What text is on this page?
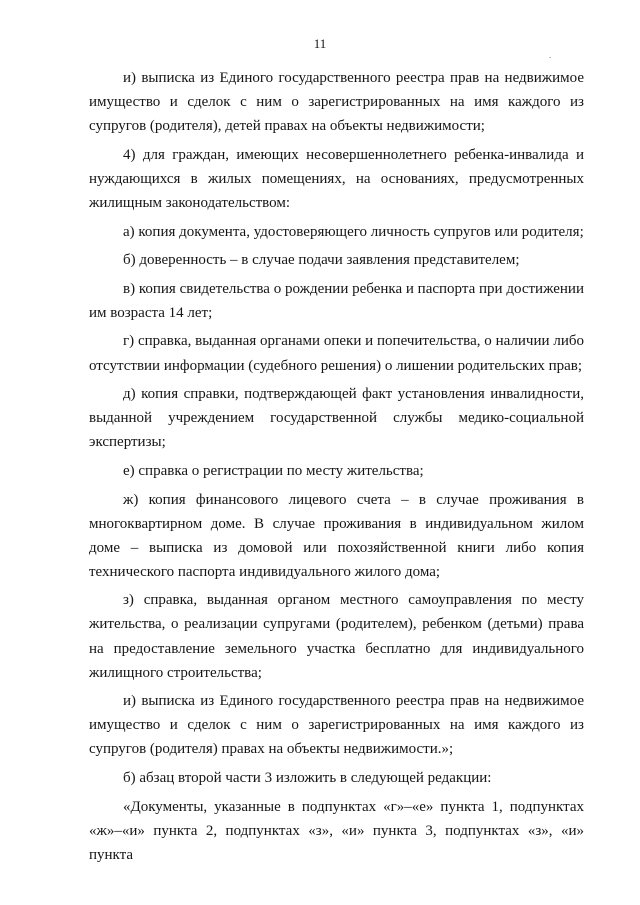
11
.

и) выписка из Единого государственного реестра прав на недвижимое имущество и сделок с ним о зарегистрированных на имя каждого из супругов (родителя), детей правах на объекты недвижимости;

4) для граждан, имеющих несовершеннолетнего ребенка-инвалида и нуждающихся в жилых помещениях, на основаниях, предусмотренных жилищным законодательством:

а) копия документа, удостоверяющего личность супругов или родителя;

б) доверенность – в случае подачи заявления представителем;

в) копия свидетельства о рождении ребенка и паспорта при достижении им возраста 14 лет;

г) справка, выданная органами опеки и попечительства, о наличии либо отсутствии информации (судебного решения) о лишении родительских прав;

д) копия справки, подтверждающей факт установления инвалидности, выданной учреждением государственной службы медико-социальной экспертизы;

е) справка о регистрации по месту жительства;

ж) копия финансового лицевого счета – в случае проживания в многоквартирном доме. В случае проживания в индивидуальном жилом доме – выписка из домовой или похозяйственной книги либо копия технического паспорта индивидуального жилого дома;

з) справка, выданная органом местного самоуправления по месту жительства, о реализации супругами (родителем), ребенком (детьми) права на предоставление земельного участка бесплатно для индивидуального жилищного строительства;

и) выписка из Единого государственного реестра прав на недвижимое имущество и сделок с ним о зарегистрированных на имя каждого из супругов (родителя) правах на объекты недвижимости.»;

б) абзац второй части 3 изложить в следующей редакции:

«Документы, указанные в подпунктах «г»–«е» пункта 1, подпунктах «ж»–«и» пункта 2, подпунктах «з», «и» пункта 3, подпунктах «з», «и» пункта
